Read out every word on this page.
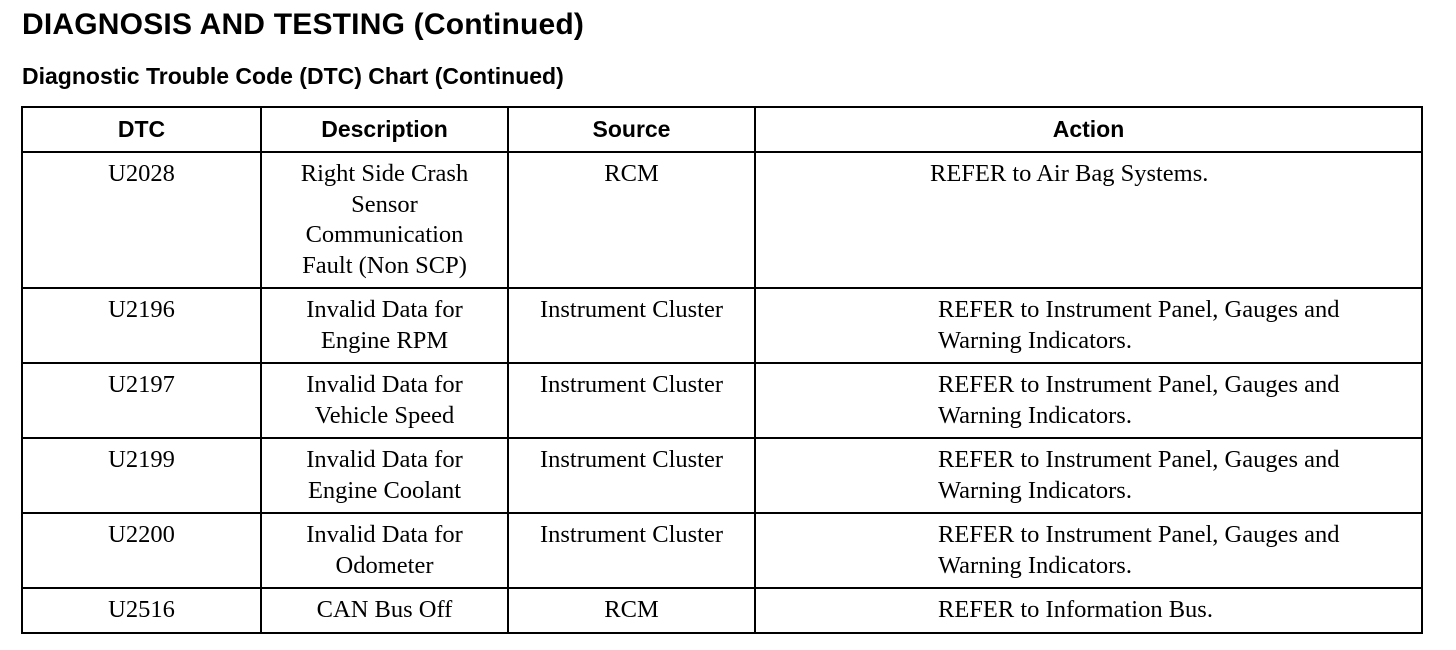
DIAGNOSIS AND TESTING (Continued)
Diagnostic Trouble Code (DTC) Chart (Continued)
DTC	Description	Source	Action
U2028	Right Side Crash Sensor Communication Fault (Non SCP)	RCM	REFER to Air Bag Systems.

U2196	Invalid Data for Engine RPM	Instrument Cluster	REFER to Instrument Panel, Gauges and Warning Indicators.

U2197	Invalid Data for Vehicle Speed	Instrument Cluster	REFER to Instrument Panel, Gauges and Warning Indicators.

U2199	Invalid Data for Engine Coolant	Instrument Cluster	REFER to Instrument Panel, Gauges and Warning Indicators.

U2200	Invalid Data for Odometer	Instrument Cluster	REFER to Instrument Panel, Gauges and Warning Indicators.

U2516	CAN Bus Off	RCM	REFER to Information Bus.
